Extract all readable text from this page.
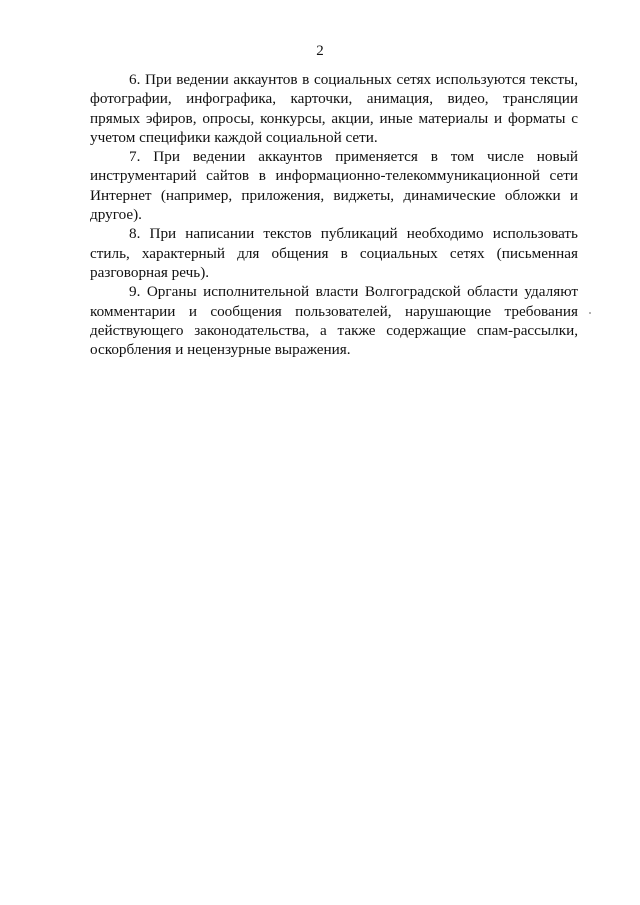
2

6. При ведении аккаунтов в социальных сетях используются тексты, фотографии, инфографика, карточки, анимация, видео, трансляции прямых эфиров, опросы, конкурсы, акции, иные материалы и форматы с учетом специфики каждой социальной сети.

7. При ведении аккаунтов применяется в том числе новый инструментарий сайтов в информационно-телекоммуникационной сети Интернет (например, приложения, виджеты, динамические обложки и другое).

8. При написании текстов публикаций необходимо использовать стиль, характерный для общения в социальных сетях (письменная разговорная речь).

9. Органы исполнительной власти Волгоградской области удаляют комментарии и сообщения пользователей, нарушающие требования действующего законодательства, а также содержащие спам-рассылки, оскорбления и нецензурные выражения.
